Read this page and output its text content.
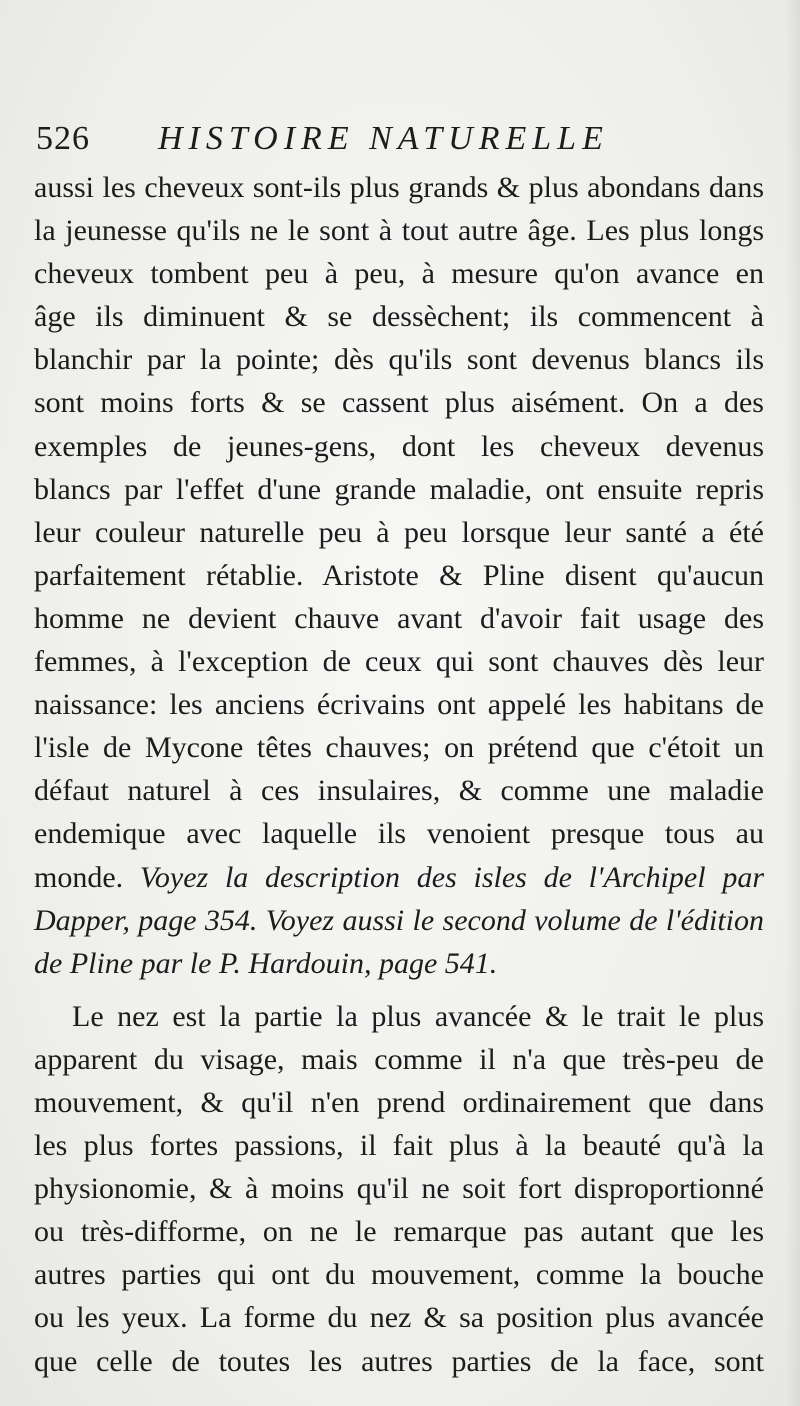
526 HISTOIRE NATURELLE
aussi les cheveux sont-ils plus grands & plus abondans dans
la jeunesse qu'ils ne le sont à tout autre âge. Les plus longs
cheveux tombent peu à peu, à mesure qu'on avance en
âge ils diminuent & se dessèchent; ils commencent à
blanchir par la pointe; dès qu'ils sont devenus blancs ils
sont moins forts & se cassent plus aisément. On a des
exemples de jeunes-gens, dont les cheveux devenus
blancs par l'effet d'une grande maladie, ont ensuite repris
leur couleur naturelle peu à peu lorsque leur santé a été
parfaitement rétablie. Aristote & Pline disent qu'aucun
homme ne devient chauve avant d'avoir fait usage des
femmes, à l'exception de ceux qui sont chauves dès leur
naissance: les anciens écrivains ont appelé les habitans de
l'isle de Mycone têtes chauves; on prétend que c'étoit un
défaut naturel à ces insulaires, & comme une maladie
endemique avec laquelle ils venoient presque tous au
monde. Voyez la description des isles de l'Archipel par
Dapper, page 354. Voyez aussi le second volume de l'édition
de Pline par le P. Hardouin, page 541.
Le nez est la partie la plus avancée & le trait le plus
apparent du visage, mais comme il n'a que très-peu de
mouvement, & qu'il n'en prend ordinairement que dans
les plus fortes passions, il fait plus à la beauté qu'à la
physionomie, & à moins qu'il ne soit fort disproportionné
ou très-difforme, on ne le remarque pas autant que les
autres parties qui ont du mouvement, comme la bouche
ou les yeux. La forme du nez & sa position plus avancée
que celle de toutes les autres parties de la face, sont
